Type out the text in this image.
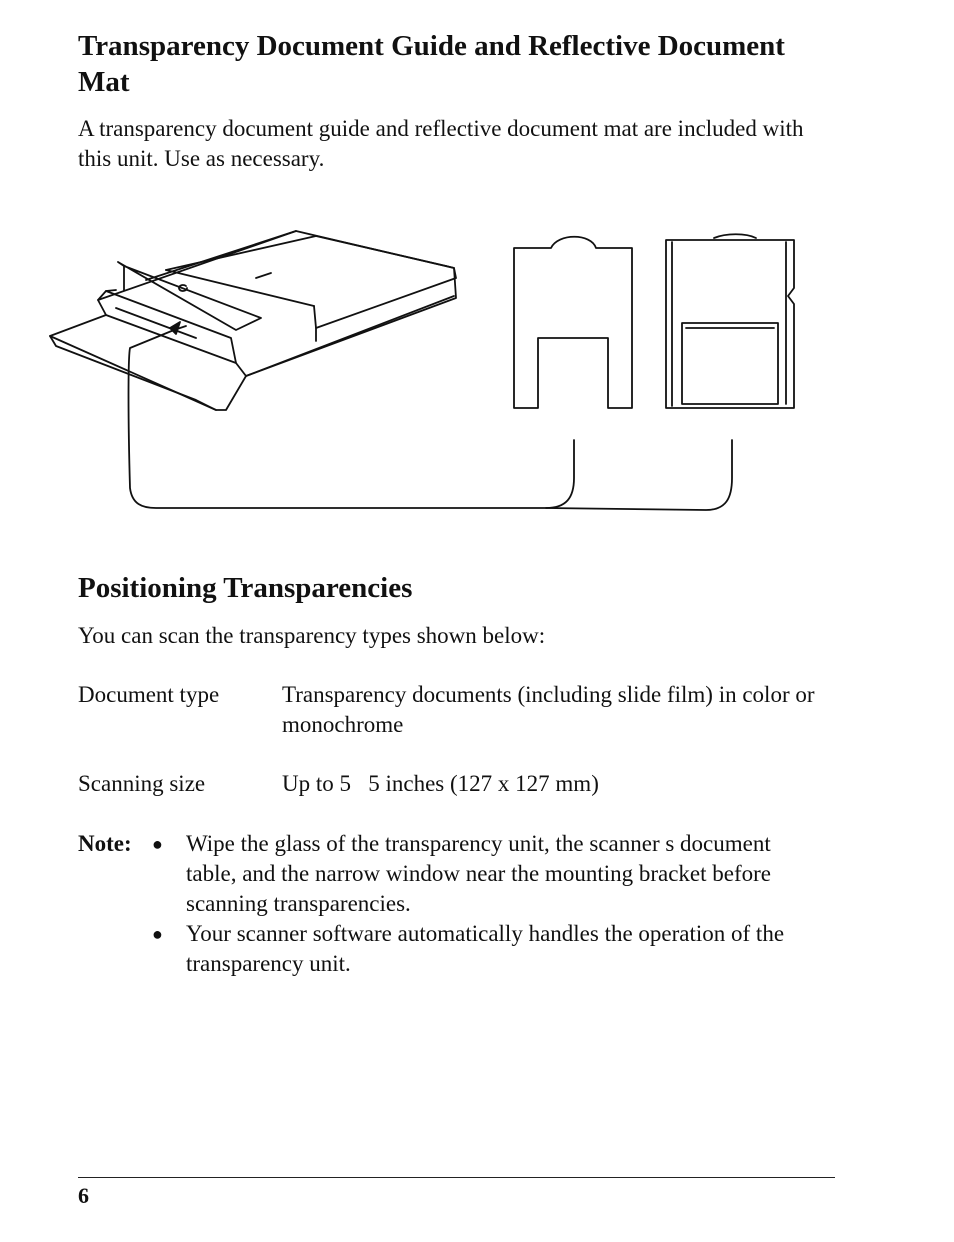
Transparency Document Guide and Reflective Document Mat

A transparency document guide and reflective document mat are included with this unit. Use as necessary.

Positioning Transparencies

You can scan the transparency types shown below:

Document type	Transparency documents (including slide film) in color or monochrome
Scanning size	Up to 5   5 inches (127 x 127 mm)
Note: ● Wipe the glass of the transparency unit, the scanner s document table, and the narrow window near the mounting bracket before scanning transparencies.
● Your scanner software automatically handles the operation of the transparency unit.
6
